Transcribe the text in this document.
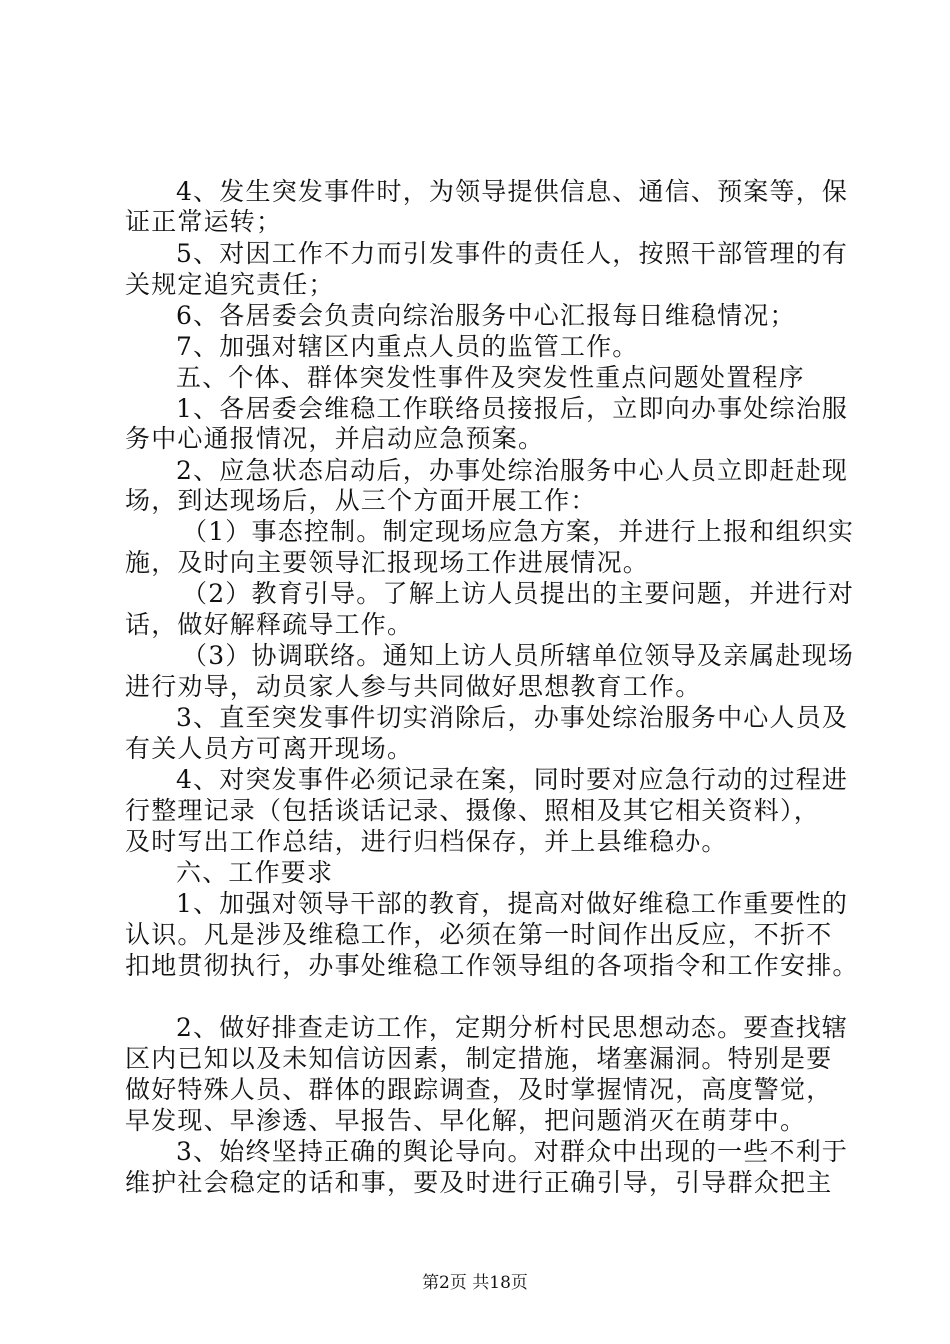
4、发生突发事件时，为领导提供信息、通信、预案等，保
证正常运转；
5、对因工作不力而引发事件的责任人，按照干部管理的有
关规定追究责任；
6、各居委会负责向综治服务中心汇报每日维稳情况；
7、加强对辖区内重点人员的监管工作。
五、个体、群体突发性事件及突发性重点问题处置程序
1、各居委会维稳工作联络员接报后，立即向办事处综治服
务中心通报情况，并启动应急预案。
2、应急状态启动后，办事处综治服务中心人员立即赶赴现
场，到达现场后，从三个方面开展工作：
（1）事态控制。制定现场应急方案，并进行上报和组织实
施，及时向主要领导汇报现场工作进展情况。
（2）教育引导。了解上访人员提出的主要问题，并进行对
话，做好解释疏导工作。
（3）协调联络。通知上访人员所辖单位领导及亲属赴现场
进行劝导，动员家人参与共同做好思想教育工作。
3、直至突发事件切实消除后，办事处综治服务中心人员及
有关人员方可离开现场。
4、对突发事件必须记录在案，同时要对应急行动的过程进
行整理记录（包括谈话记录、摄像、照相及其它相关资料），
及时写出工作总结，进行归档保存，并上县维稳办。
六、工作要求
1、加强对领导干部的教育，提高对做好维稳工作重要性的
认识。凡是涉及维稳工作，必须在第一时间作出反应，不折不
扣地贯彻执行，办事处维稳工作领导组的各项指令和工作安排。
2、做好排查走访工作，定期分析村民思想动态。要查找辖
区内已知以及未知信访因素，制定措施，堵塞漏洞。特别是要
做好特殊人员、群体的跟踪调查，及时掌握情况，高度警觉，
早发现、早渗透、早报告、早化解，把问题消灭在萌芽中。
3、始终坚持正确的舆论导向。对群众中出现的一些不利于
维护社会稳定的话和事，要及时进行正确引导，引导群众把主
第2页 共18页
